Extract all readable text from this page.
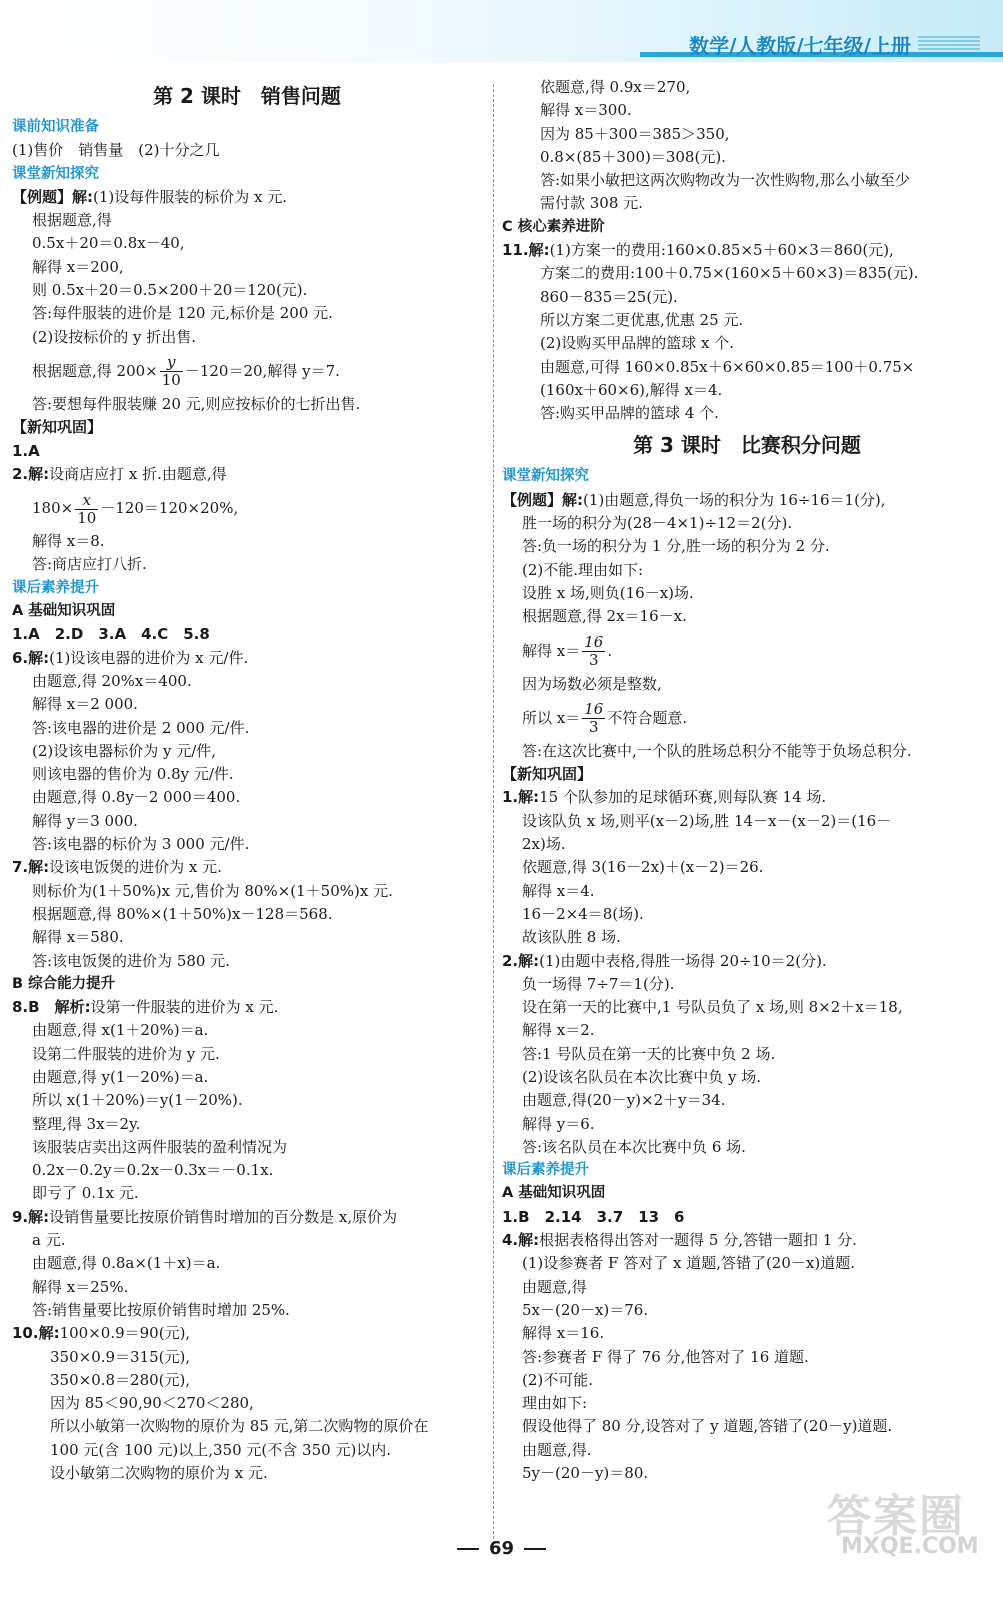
数学/人教版/七年级/上册
第 2 课时　销售问题
课前知识准备
(1)售价　销售量　(2)十分之几
课堂新知探究
【例题】解:(1)设每件服装的标价为 x 元.
根据题意,得
0.5x＋20＝0.8x－40,
解得 x＝200,
则 0.5x＋20＝0.5×200＋20＝120(元).
答:每件服装的进价是 120 元,标价是 200 元.
(2)设按标价的 y 折出售.
根据题意,得 $200\times \frac{y}{10} -120=20$,解得 y＝7.
答:要想每件服装赚 20 元,则应按标价的七折出售.
【新知巩固】
1.A
2.解:设商店应打 x 折.由题意,得
$180\times \frac{x}{10} -120=120\times 20\%$,
解得 x＝8.
答:商店应打八折.
课后素养提升
A 基础知识巩固
1.A　2.D　3.A　4.C　5.8
6.解:(1)设该电器的进价为 x 元/件.
由题意,得 20%x＝400.
解得 x＝2 000.
答:该电器的进价是 2 000 元/件.
(2)设该电器标价为 y 元/件,
则该电器的售价为 0.8y 元/件.
由题意,得 0.8y－2 000＝400.
解得 y＝3 000.
答:该电器的标价为 3 000 元/件.
7.解:设该电饭煲的进价为 x 元.
则标价为(1＋50%)x 元,售价为 80%×(1＋50%)x 元.
根据题意,得 80%×(1＋50%)x－128＝568.
解得 x＝580.
答:该电饭煲的进价为 580 元.
B 综合能力提升
8.B　解析:设第一件服装的进价为 x 元.
由题意,得 x(1＋20%)＝a.
设第二件服装的进价为 y 元.
由题意,得 y(1－20%)＝a.
所以 x(1＋20%)＝y(1－20%).
整理,得 3x＝2y.
该服装店卖出这两件服装的盈利情况为
0.2x－0.2y＝0.2x－0.3x＝－0.1x.
即亏了 0.1x 元.
9.解:设销售量要比按原价销售时增加的百分数是 x,原价为
a 元.
由题意,得 0.8a×(1＋x)＝a.
解得 x＝25%.
答:销售量要比按原价销售时增加 25%.
10.解:100×0.9＝90(元),
350×0.9＝315(元),
350×0.8＝280(元),
因为 85＜90,90＜270＜280,
所以小敏第一次购物的原价为 85 元,第二次购物的原价在
100 元(含 100 元)以上,350 元(不含 350 元)以内.
设小敏第二次购物的原价为 x 元.
依题意,得 0.9x＝270,
解得 x＝300.
因为 85＋300＝385＞350,
0.8×(85＋300)＝308(元).
答:如果小敏把这两次购物改为一次性购物,那么小敏至少
需付款 308 元.
C 核心素养进阶
11.解:(1)方案一的费用:160×0.85×5＋60×3＝860(元),
方案二的费用:100＋0.75×(160×5＋60×3)＝835(元).
860－835＝25(元).
所以方案二更优惠,优惠 25 元.
(2)设购买甲品牌的篮球 x 个.
由题意,可得 160×0.85x＋6×60×0.85＝100＋0.75×
(160x＋60×6),解得 x＝4.
答:购买甲品牌的篮球 4 个.
第 3 课时　比赛积分问题
课堂新知探究
【例题】解:(1)由题意,得负一场的积分为 16÷16＝1(分),
胜一场的积分为(28－4×1)÷12＝2(分).
答:负一场的积分为 1 分,胜一场的积分为 2 分.
(2)不能.理由如下:
设胜 x 场,则负(16－x)场.
根据题意,得 2x＝16－x.
解得 $x= \frac{16}{3}$ .
因为场数必须是整数,
所以 $x= \frac{16}{3}$ 不符合题意.
答:在这次比赛中,一个队的胜场总积分不能等于负场总积分.
【新知巩固】
1.解:15 个队参加的足球循环赛,则每队赛 14 场.
设该队负 x 场,则平(x－2)场,胜 14－x－(x－2)＝(16－
2x)场.
依题意,得 3(16－2x)＋(x－2)＝26.
解得 x＝4.
16－2×4＝8(场).
故该队胜 8 场.
2.解:(1)由题中表格,得胜一场得 20÷10＝2(分).
负一场得 7÷7＝1(分).
设在第一天的比赛中,1 号队员负了 x 场,则 8×2＋x＝18,
解得 x＝2.
答:1 号队员在第一天的比赛中负 2 场.
(2)设该名队员在本次比赛中负 y 场.
由题意,得(20－y)×2＋y＝34.
解得 y＝6.
答:该名队员在本次比赛中负 6 场.
课后素养提升
A 基础知识巩固
1.B　2.14　3.7　13　6
4.解:根据表格得出答对一题得 5 分,答错一题扣 1 分.
(1)设参赛者 F 答对了 x 道题,答错了(20－x)道题.
由题意,得
5x－(20－x)＝76.
解得 x＝16.
答:参赛者 F 得了 76 分,他答对了 16 道题.
(2)不可能.
理由如下:
假设他得了 80 分,设答对了 y 道题,答错了(20－y)道题.
由题意,得.
5y－(20－y)＝80.
69
答案圈
MXQE.COM
